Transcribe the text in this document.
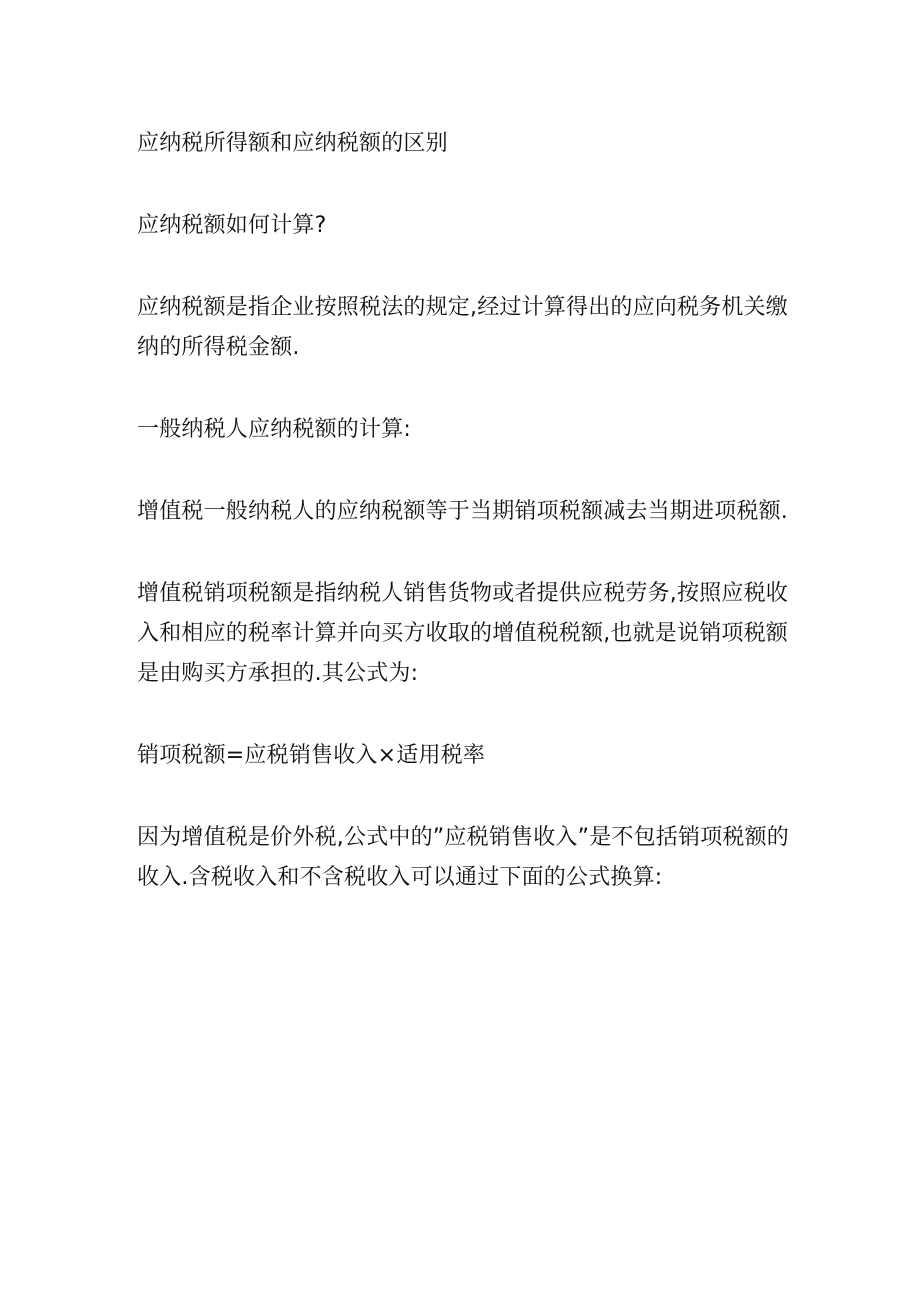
应纳税所得额和应纳税额的区别

应纳税额如何计算?

应纳税额是指企业按照税法的规定,经过计算得出的应向税务机关缴纳的所得税金额.

一般纳税人应纳税额的计算:

增值税一般纳税人的应纳税额等于当期销项税额减去当期进项税额.

增值税销项税额是指纳税人销售货物或者提供应税劳务,按照应税收入和相应的税率计算并向买方收取的增值税税额,也就是说销项税额是由购买方承担的.其公式为:

销项税额=应税销售收入×适用税率

因为增值税是价外税,公式中的”应税销售收入”是不包括销项税额的收入.含税收入和不含税收入可以通过下面的公式换算:
